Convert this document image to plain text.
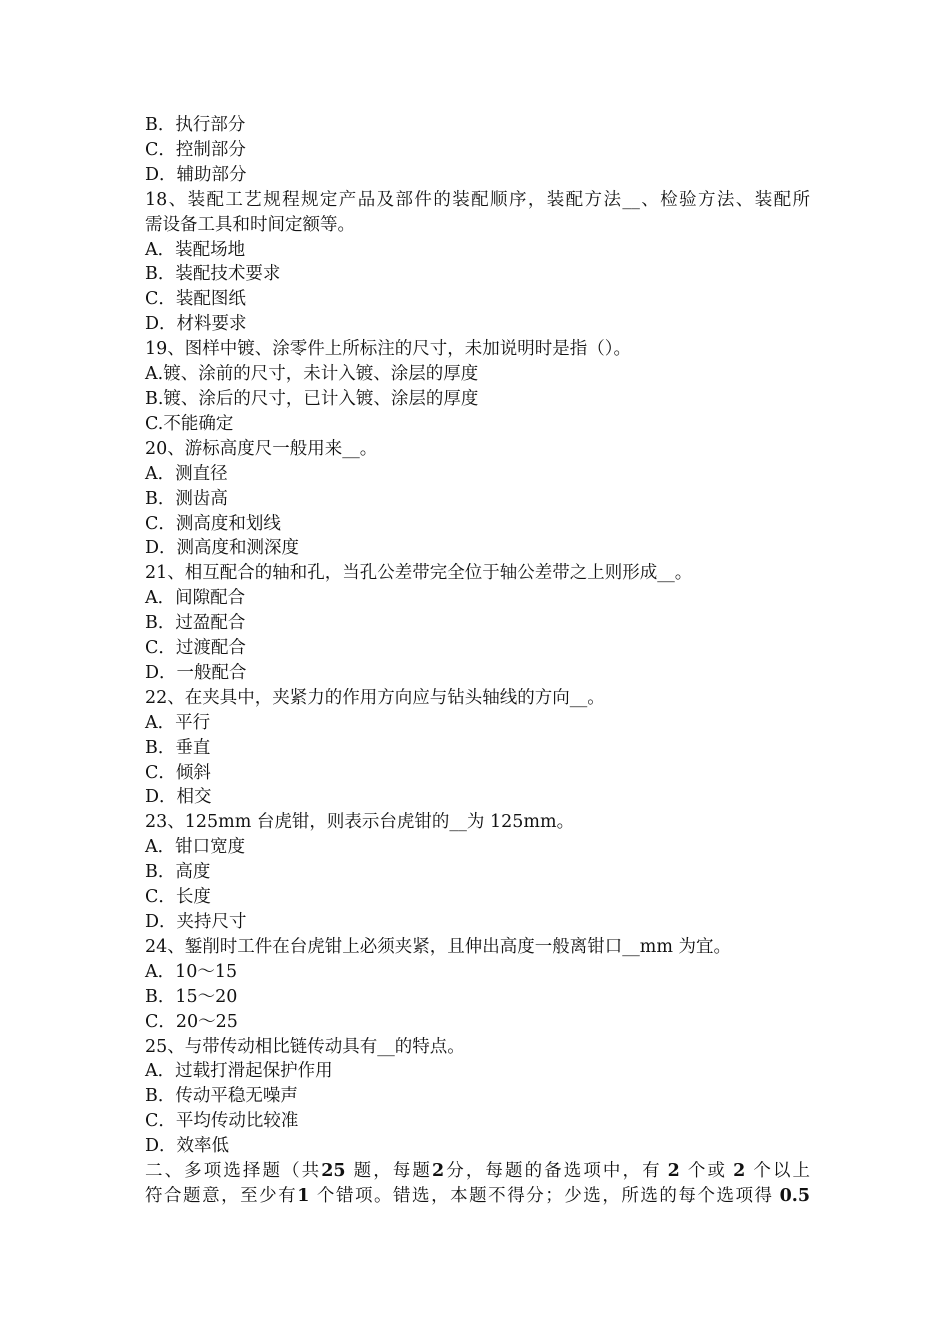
B．执行部分

C．控制部分

D．辅助部分

18、装配工艺规程规定产品及部件的装配顺序，装配方法__、检验方法、装配所

需设备工具和时间定额等。

A．装配场地

B．装配技术要求

C．装配图纸

D．材料要求

19、图样中镀、涂零件上所标注的尺寸，未加说明时是指（）。

A.镀、涂前的尺寸，未计入镀、涂层的厚度

B.镀、涂后的尺寸，已计入镀、涂层的厚度

C.不能确定

20、游标高度尺一般用来__。

A．测直径

B．测齿高

C．测高度和划线

D．测高度和测深度

21、相互配合的轴和孔，当孔公差带完全位于轴公差带之上则形成__。

A．间隙配合

B．过盈配合

C．过渡配合

D．一般配合

22、在夹具中，夹紧力的作用方向应与钻头轴线的方向__。

A．平行

B．垂直

C．倾斜

D．相交

23、125mm 台虎钳，则表示台虎钳的__为 125mm。

A．钳口宽度

B．高度

C．长度

D．夹持尺寸

24、錾削时工件在台虎钳上必须夹紧，且伸出高度一般离钳口__mm 为宜。

A．10～15

B．15～20

C．20～25

25、与带传动相比链传动具有__的特点。

A．过载打滑起保护作用

B．传动平稳无噪声

C．平均传动比较准

D．效率低

二、多项选择题（共25 题，每题2分，每题的备选项中，有 2 个或 2 个以上

符合题意，至少有1 个错项。错选，本题不得分；少选，所选的每个选项得 0.5
